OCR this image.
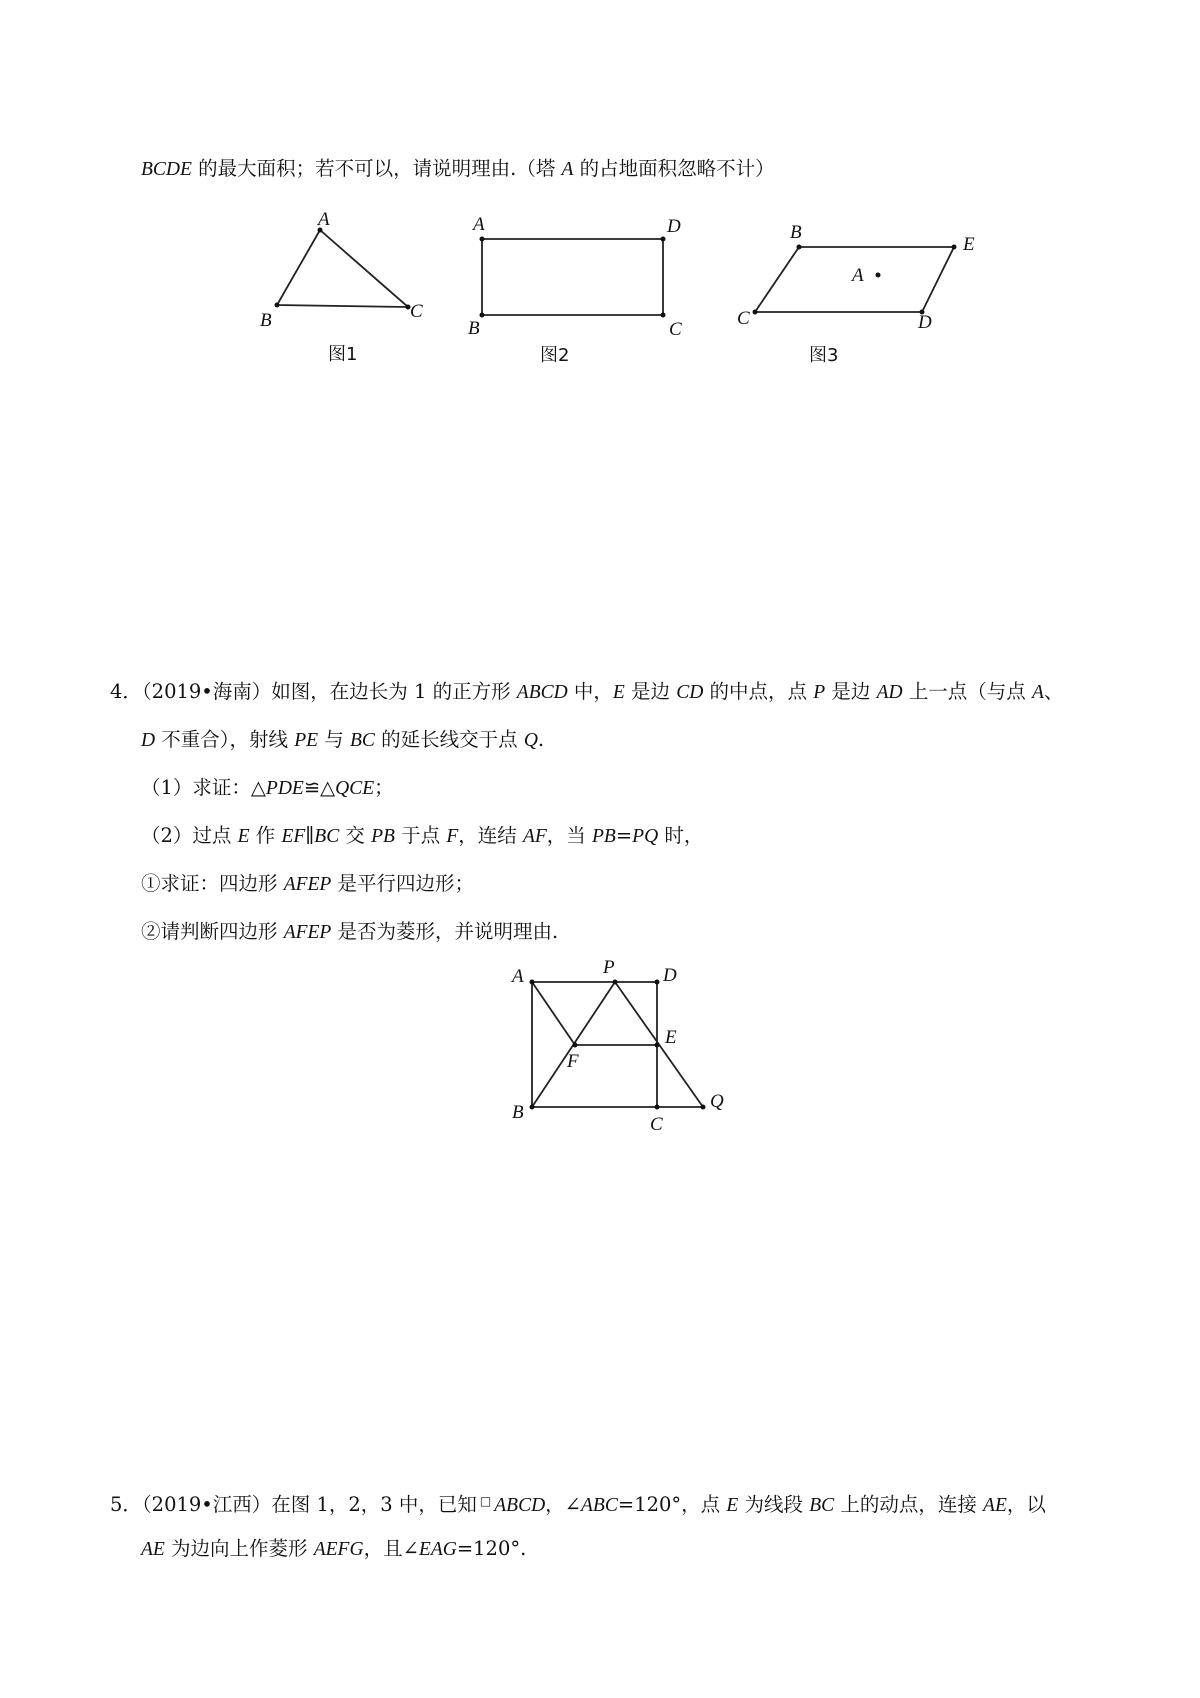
BCDE 的最大面积；若不可以，请说明理由.（塔 A 的占地面积忽略不计）
A
B	C
图1
A	D
B	C
图2
B
E
C	D
A
图3
4．（2019•海南）如图，在边长为 1 的正方形 ABCD 中，E 是边 CD 的中点，点 P 是边 AD 上一点（与点 A、
D 不重合），射线 PE 与 BC 的延长线交于点 Q.
（1）求证：△PDE≌△QCE；
（2）过点 E 作 EF∥BC 交 PB 于点 F，连结 AF，当 PB=PQ 时，
①求证：四边形 AFEP 是平行四边形；
②请判断四边形 AFEP 是否为菱形，并说明理由.
A	P	D
F
E
B
C
Q
5．（2019•江西）在图 1，2，3 中，已知 □ ABCD，∠ABC=120°，点 E 为线段 BC 上的动点，连接 AE，以
AE 为边向上作菱形 AEFG，且∠EAG=120°.
